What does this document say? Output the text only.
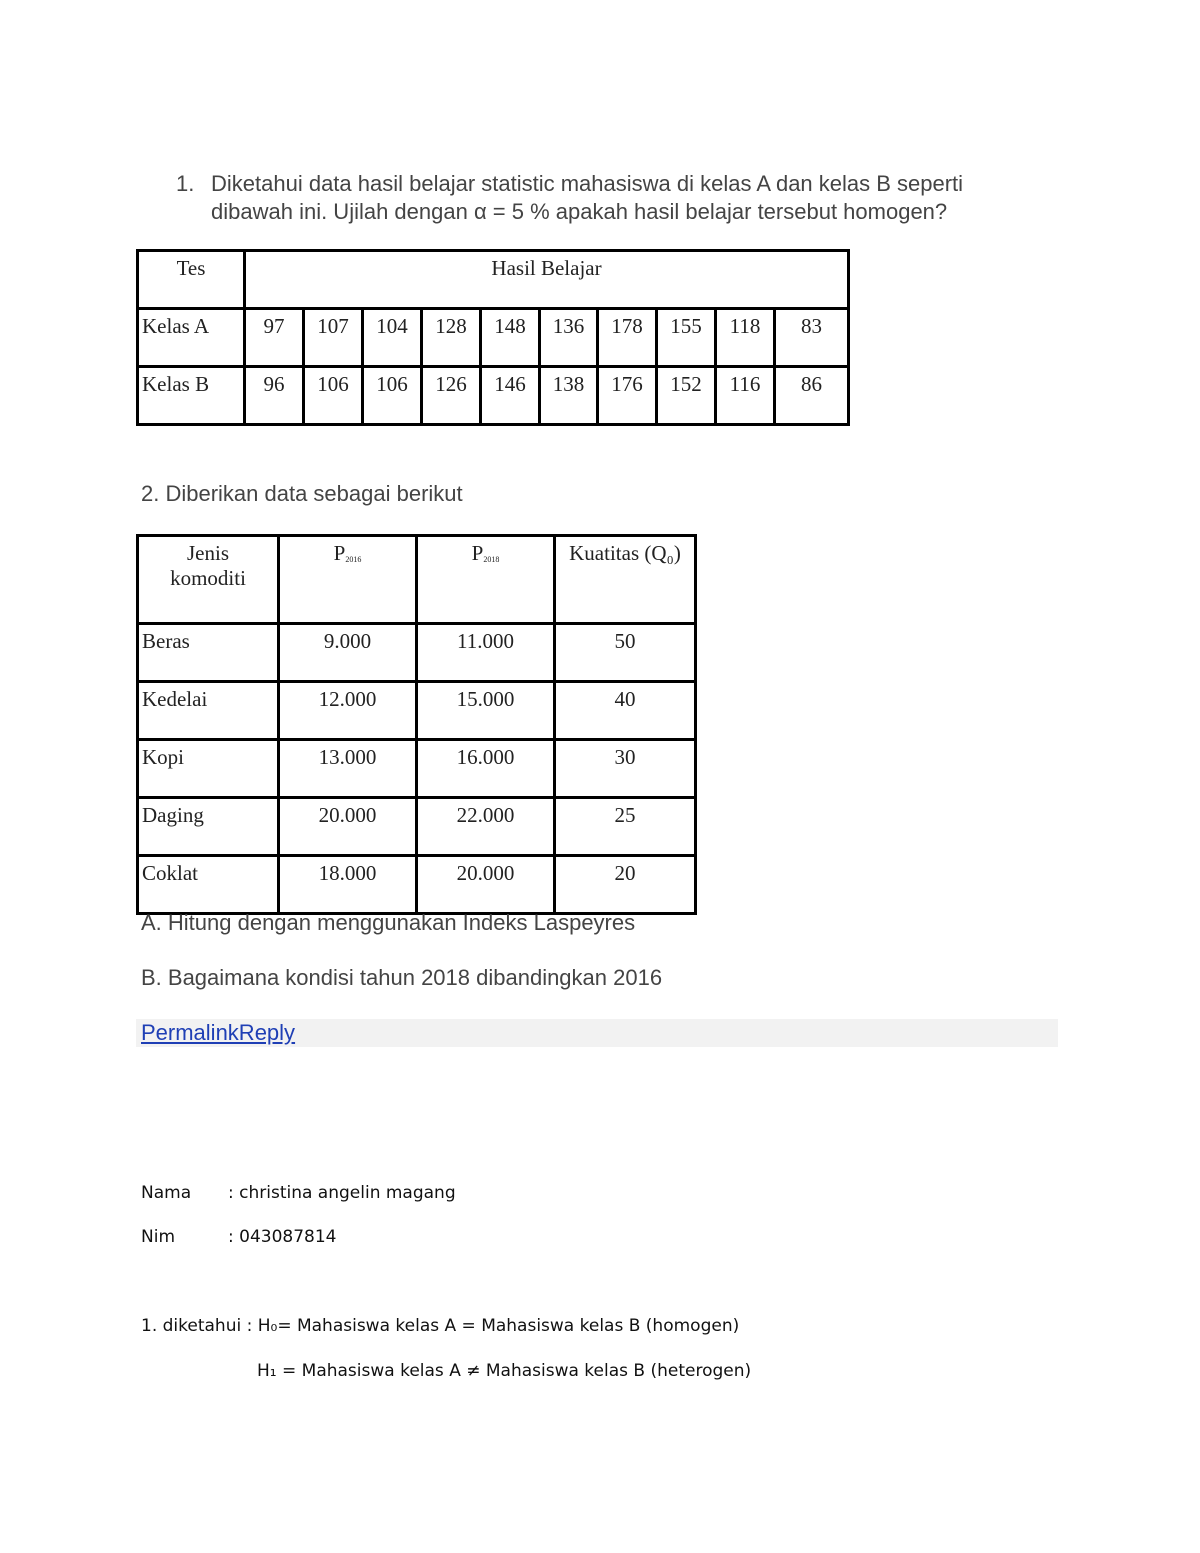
1. Diketahui data hasil belajar statistic mahasiswa di kelas A dan kelas B seperti dibawah ini. Ujilah dengan α = 5 % apakah hasil belajar tersebut homogen?
Tes	Hasil Belajar									
Kelas A	97	107	104	128	148	136	178	155	118	83
Kelas B	96	106	106	126	146	138	176	152	116	86
2. Diberikan data sebagai berikut
Jenis komoditi	$P_{2016}$	$P_{2018}$	Kuatitas (Q₀)
Beras	9.000	11.000	50
Kedelai	12.000	15.000	40
Kopi	13.000	16.000	30
Daging	20.000	22.000	25
Coklat	18.000	20.000	20
A. Hitung dengan menggunakan Indeks Laspeyres
B. Bagaimana kondisi tahun 2018 dibandingkan 2016
PermalinkReply
Nama : christina angelin magang
Nim	: 043087814
1. diketahui : H₀= Mahasiswa kelas A = Mahasiswa kelas B (homogen)
H₁ = Mahasiswa kelas A ≠ Mahasiswa kelas B (heterogen)
